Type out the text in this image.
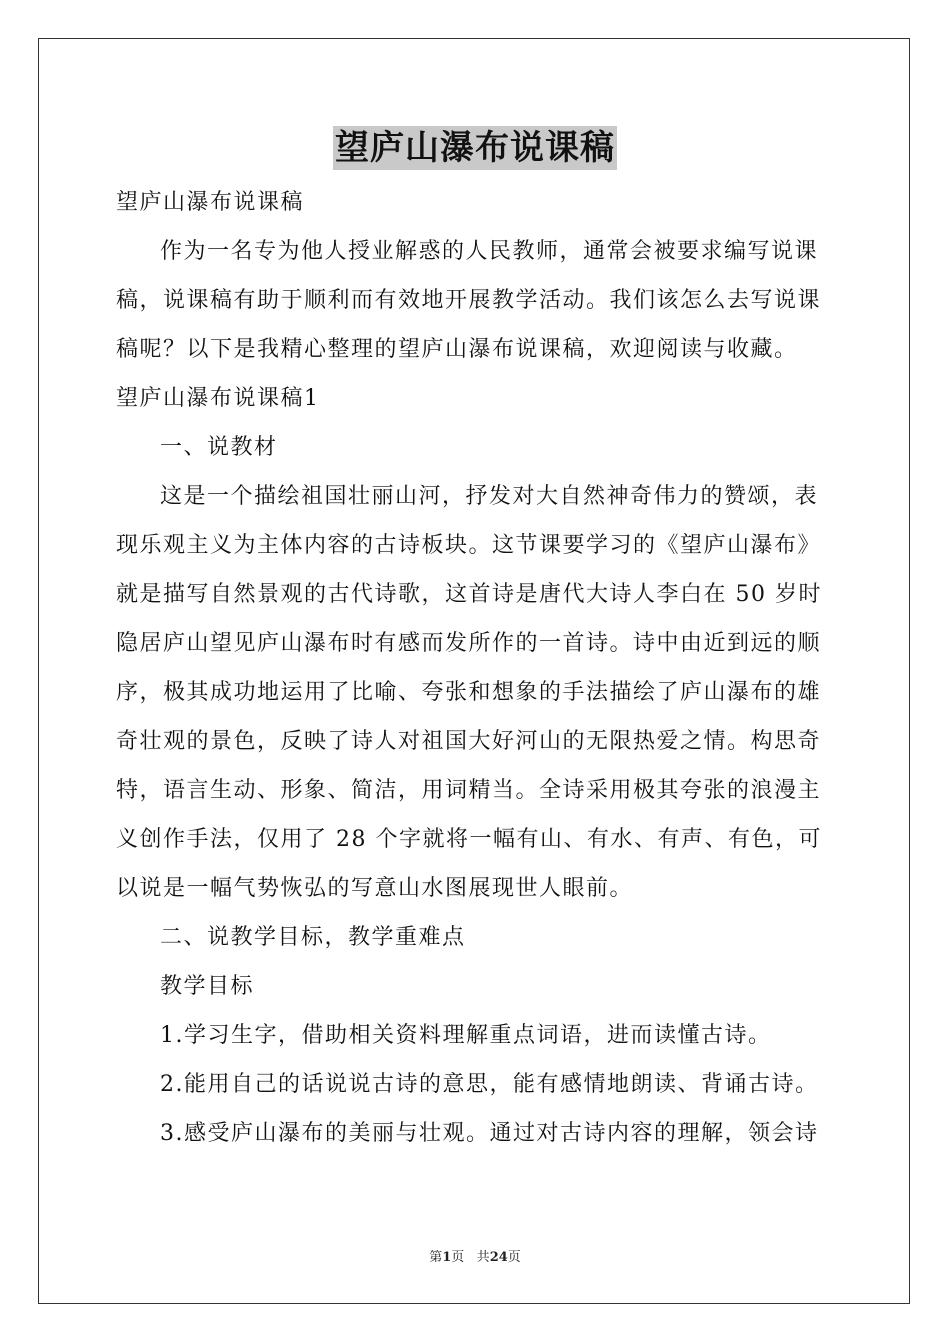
望庐山瀑布说课稿

望庐山瀑布说课稿

作为一名专为他人授业解惑的人民教师，通常会被要求编写说课

稿，说课稿有助于顺利而有效地开展教学活动。我们该怎么去写说课
稿呢？以下是我精心整理的望庐山瀑布说课稿，欢迎阅读与收藏。

望庐山瀑布说课稿1

一、说教材

这是一个描绘祖国壮丽山河，抒发对大自然神奇伟力的赞颂，表

现乐观主义为主体内容的古诗板块。这节课要学习的《望庐山瀑布》
就是描写自然景观的古代诗歌，这首诗是唐代大诗人李白在 50 岁时
隐居庐山望见庐山瀑布时有感而发所作的一首诗。诗中由近到远的顺
序，极其成功地运用了比喻、夸张和想象的手法描绘了庐山瀑布的雄
奇壮观的景色，反映了诗人对祖国大好河山的无限热爱之情。构思奇
特，语言生动、形象、简洁，用词精当。全诗采用极其夸张的浪漫主
义创作手法，仅用了 28 个字就将一幅有山、有水、有声、有色，可
以说是一幅气势恢弘的写意山水图展现世人眼前。

二、说教学目标，教学重难点

教学目标

1.学习生字，借助相关资料理解重点词语，进而读懂古诗。

2.能用自己的话说说古诗的意思，能有感情地朗读、背诵古诗。

3.感受庐山瀑布的美丽与壮观。通过对古诗内容的理解，领会诗

第1页 共24页
